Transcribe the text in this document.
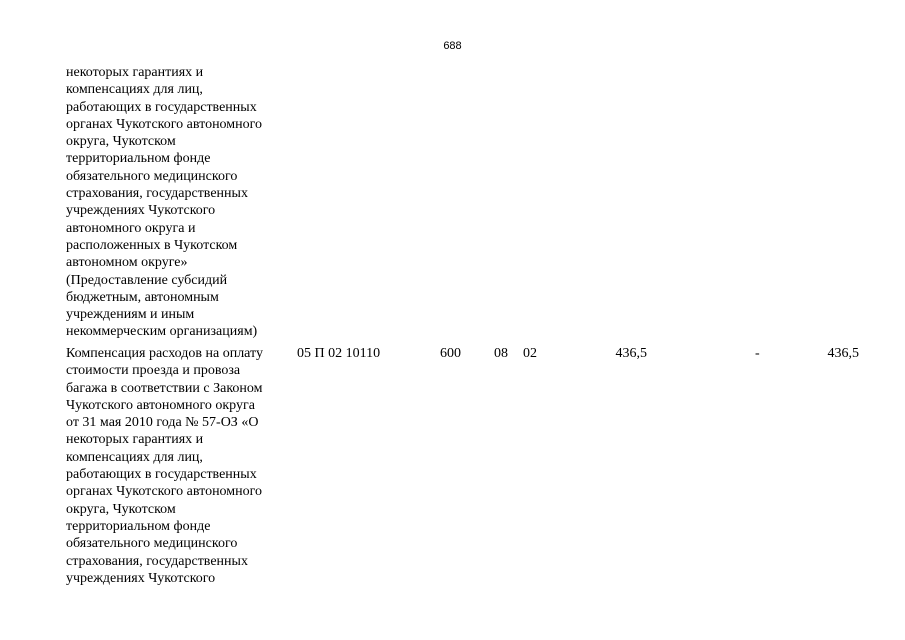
688
некоторых гарантиях и
компенсациях для лиц,
работающих в государственных
органах Чукотского автономного
округа, Чукотском
территориальном фонде
обязательного медицинского
страхования, государственных
учреждениях Чукотского
автономного округа и
расположенных в Чукотском
автономном округе»
(Предоставление субсидий
бюджетным, автономным
учреждениям и иным
некоммерческим организациям)
Компенсация расходов на оплату
стоимости проезда и провоза
багажа в соответствии с Законом
Чукотского автономного округа
от 31 мая 2010 года № 57-ОЗ «О
некоторых гарантиях и
компенсациях для лиц,
работающих в государственных
органах Чукотского автономного
округа, Чукотском
территориальном фонде
обязательного медицинского
страхования, государственных
учреждениях Чукотского
05 П 02 10110	600 08 02	436,5	-	436,5
